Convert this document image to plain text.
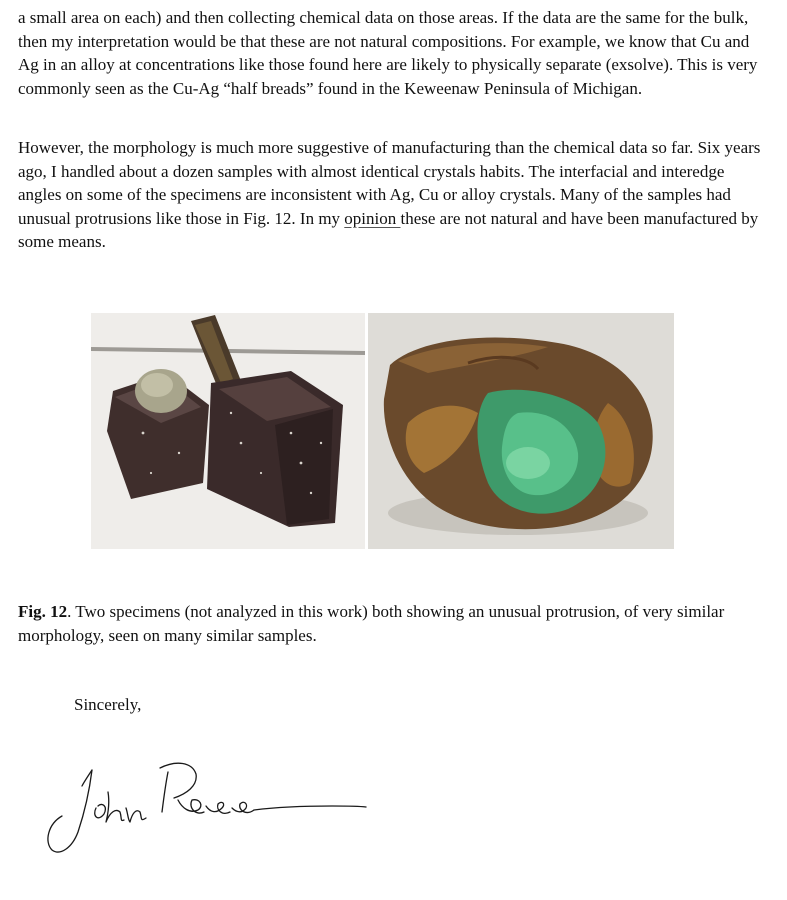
a small area on each) and then collecting chemical data on those areas. If the data are the same for the bulk, then my interpretation would be that these are not natural compositions. For example, we know that Cu and Ag in an alloy at concentrations like those found here are likely to physically separate (exsolve). This is very commonly seen as the Cu-Ag “half breads” found in the Keweenaw Peninsula of Michigan.

However, the morphology is much more suggestive of manufacturing than the chemical data so far. Six years ago, I handled about a dozen samples with almost identical crystals habits. The interfacial and interedge angles on some of the specimens are inconsistent with Ag, Cu or alloy crystals. Many of the samples had unusual protrusions like those in Fig. 12. In my opinion these are not natural and have been manufactured by some means.

Fig. 12. Two specimens (not analyzed in this work) both showing an unusual protrusion, of very similar morphology, seen on many similar samples.

Sincerely,
